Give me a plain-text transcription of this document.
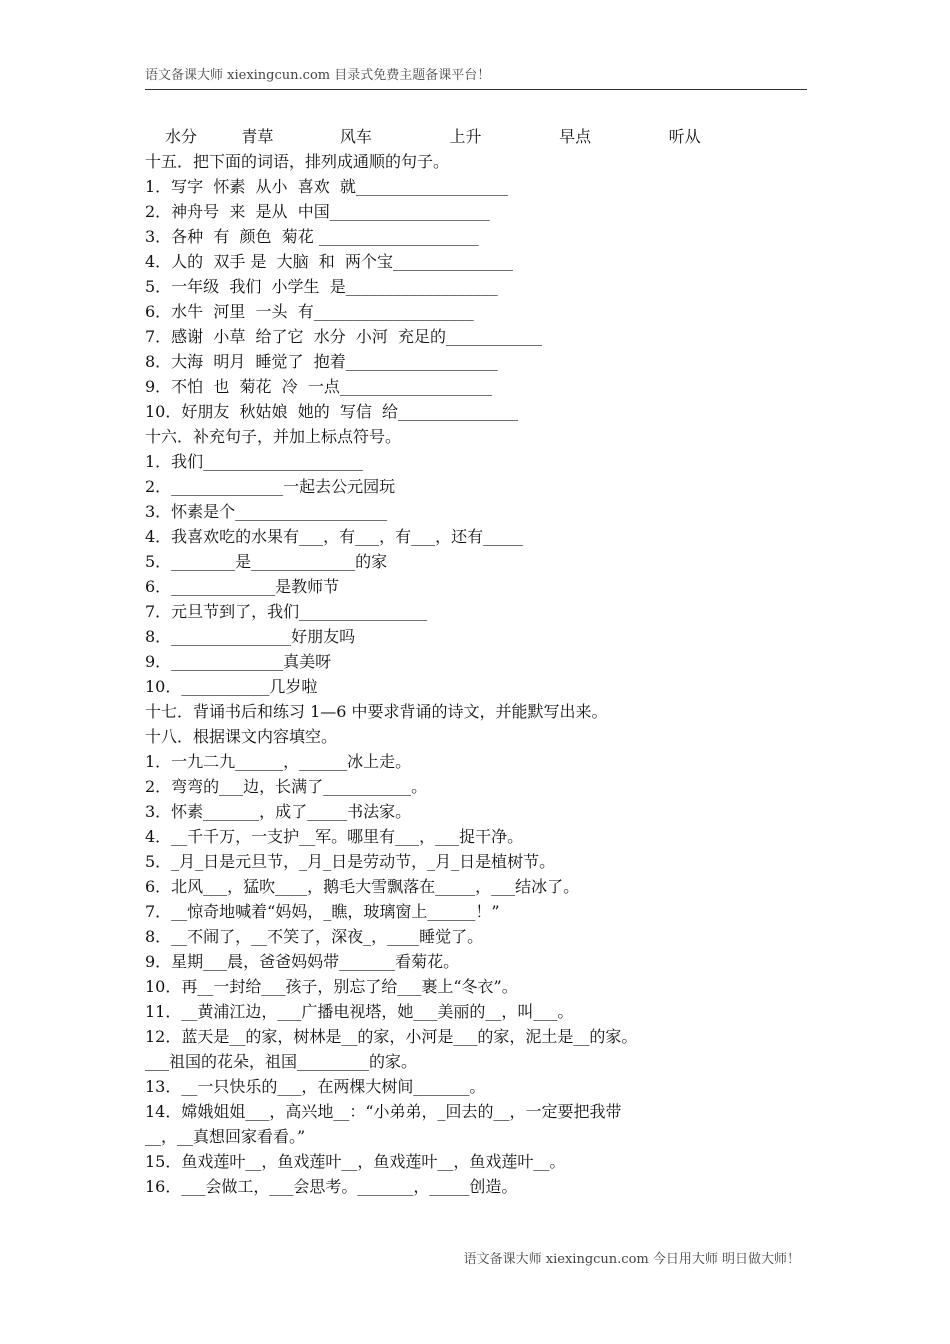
语文备课大师 xiexingcun.com 目录式免费主题备课平台！
水分    青草      风车       上升       早点       听从
十五．把下面的词语，排列成通顺的句子。
1．写字  怀素  从小  喜欢  就___________________
2．神舟号  来  是从  中国____________________
3．各种  有  颜色  菊花 ____________________
4．人的  双手 是  大脑  和  两个宝_______________
5．一年级  我们  小学生  是___________________
6．水牛  河里  一头  有____________________
7．感谢  小草  给了它  水分  小河  充足的____________
8．大海  明月  睡觉了  抱着___________________
9．不怕  也  菊花  冷  一点___________________
10．好朋友  秋姑娘  她的  写信  给_______________
十六．补充句子，并加上标点符号。
1．我们____________________
2．______________一起去公元园玩
3．怀素是个___________________
4．我喜欢吃的水果有___，有___，有___，还有_____
5．________是_____________的家
6．_____________是教师节
7．元旦节到了，我们________________
8．_______________好朋友吗
9．______________真美呀
10．___________几岁啦
十七．背诵书后和练习 1—6 中要求背诵的诗文，并能默写出来。
十八．根据课文内容填空。
1．一九二九______，______冰上走。
2．弯弯的___边，长满了___________。
3．怀素_______，成了_____书法家。
4．__千千万，一支护__军。哪里有___，___捉干净。
5．_月_日是元旦节，_月_日是劳动节，_月_日是植树节。
6．北风___，猛吹____，鹅毛大雪飘落在_____，___结冰了。
7．__惊奇地喊着“妈妈，_瞧，玻璃窗上______！”
8．__不闹了，__不笑了，深夜_，____睡觉了。
9．星期___晨，爸爸妈妈带_______看菊花。
10．再__一封给___孩子，别忘了给___裹上“冬衣”。
11．__黄浦江边，___广播电视塔，她___美丽的__，叫___。
12．蓝天是__的家，树林是__的家，小河是___的家，泥土是__的家。
___祖国的花朵，祖国_________的家。
13．__一只快乐的___，在两棵大树间_______。
14．嫦娥姐姐___，高兴地__：“小弟弟，_回去的__，一定要把我带
__，__真想回家看看。”
15．鱼戏莲叶__，鱼戏莲叶__，鱼戏莲叶__，鱼戏莲叶__。
16．___会做工，___会思考。_______，_____创造。
语文备课大师 xiexingcun.com 今日用大师 明日做大师！
